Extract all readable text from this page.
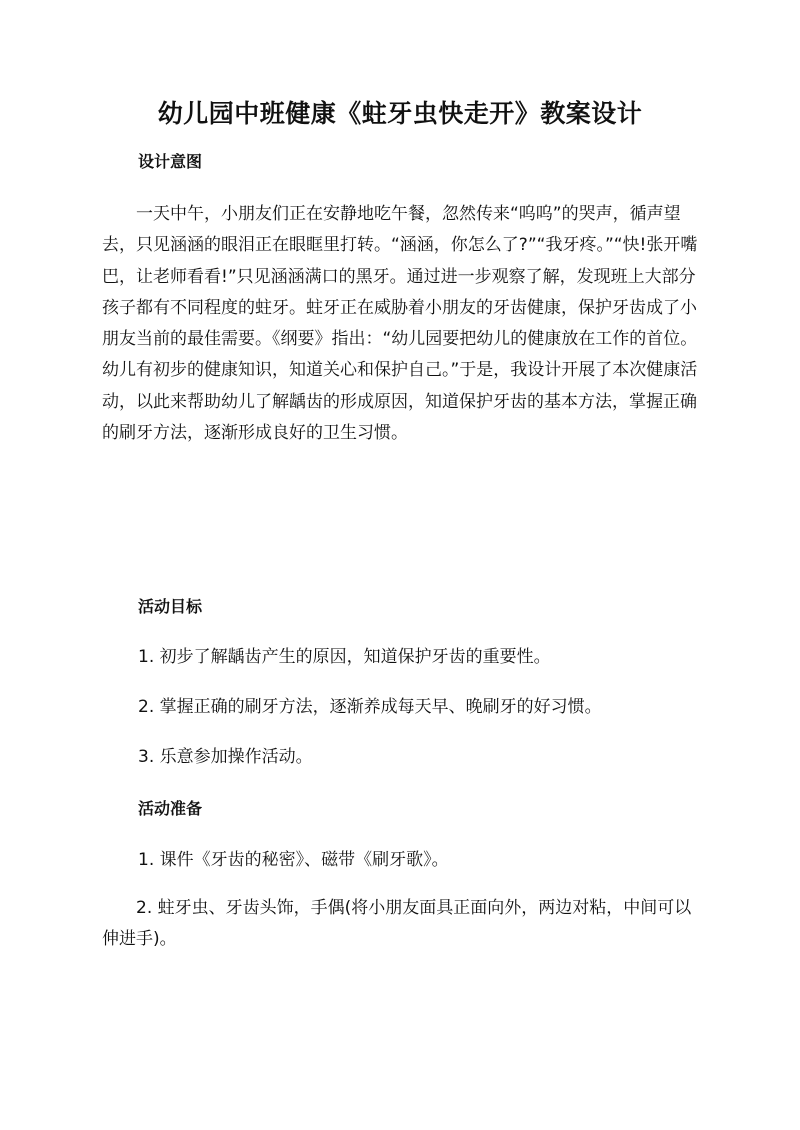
幼儿园中班健康《蛀牙虫快走开》教案设计
设计意图

一天中午，小朋友们正在安静地吃午餐，忽然传来“呜呜”的哭声，循声望去，只见涵涵的眼泪正在眼眶里打转。“涵涵，你怎么了?”“我牙疼。”“快!张开嘴巴，让老师看看!”只见涵涵满口的黑牙。通过进一步观察了解，发现班上大部分孩子都有不同程度的蛀牙。蛀牙正在威胁着小朋友的牙齿健康，保护牙齿成了小朋友当前的最佳需要。《纲要》指出：“幼儿园要把幼儿的健康放在工作的首位。幼儿有初步的健康知识，知道关心和保护自己。”于是，我设计开展了本次健康活动，以此来帮助幼儿了解龋齿的形成原因，知道保护牙齿的基本方法，掌握正确的刷牙方法，逐渐形成良好的卫生习惯。

活动目标

1. 初步了解龋齿产生的原因，知道保护牙齿的重要性。

2. 掌握正确的刷牙方法，逐渐养成每天早、晚刷牙的好习惯。

3. 乐意参加操作活动。

活动准备

1. 课件《牙齿的秘密》、磁带《刷牙歌》。

2. 蛀牙虫、牙齿头饰，手偶(将小朋友面具正面向外，两边对粘，中间可以伸进手)。
